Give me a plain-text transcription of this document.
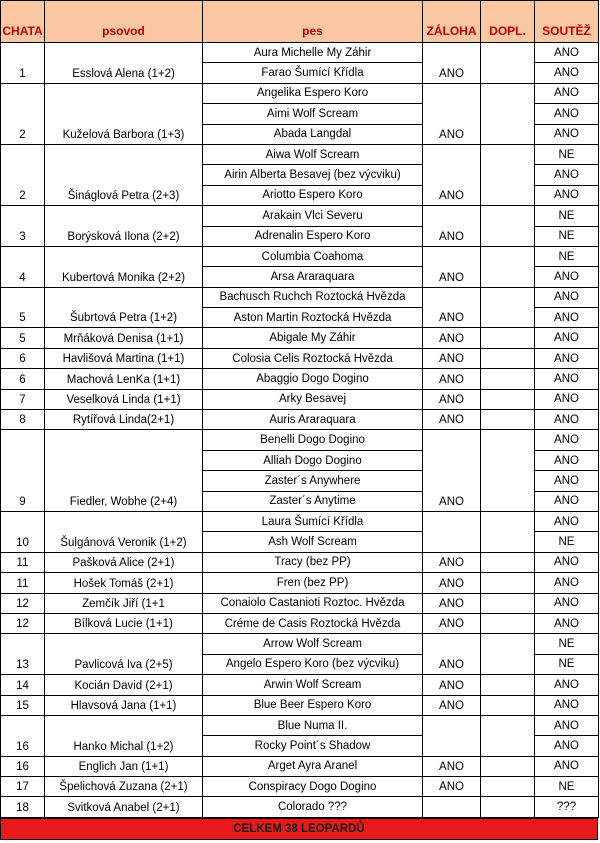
CHATA	psovod	pes	ZÁLOHA	DOPL.	SOUTĚŽ
1	Esslová Alena (1+2)	Aura Michelle My Záhir	ANO		ANO
		Farao Šumící Křídla			ANO
2	Kuželová Barbora (1+3)	Angelika Espero Koro	ANO		ANO
		Aimi Wolf Scream			ANO
		Abada Langdal			ANO
2	Šináglová Petra (2+3)	Aiwa Wolf Scream	ANO		NE
		Airin Alberta Besavej (bez výcviku)			ANO
		Ariotto Espero Koro			ANO
3	Borýsková Ilona (2+2)	Arakain Vlci Severu	ANO		NE
		Adrenalin Espero Koro			NE
4	Kubertová Monika (2+2)	Columbia Coahoma	ANO		NE
		Arsa Araraquara			ANO
5	Šubrtová Petra (1+2)	Bachusch Ruchch Roztocká Hvězda	ANO		ANO
		Aston Martin Roztocká Hvězda			ANO
5	Mrňáková Denisa (1+1)	Abigale My Záhir	ANO		ANO
6	Havlišová Martina (1+1)	Colosia Celis Roztocká Hvězda	ANO		ANO
6	Machová LenKa (1+1)	Abaggio Dogo Dogino	ANO		ANO
7	Veselková Linda (1+1)	Arky Besavej	ANO		ANO
8	Rytířová Linda(2+1)	Auris Araraquara	ANO		ANO
9	Fiedler, Wobhe (2+4)	Benelli Dogo Dogino	ANO		ANO
		Alliah Dogo Dogino			ANO
		Zaster´s Anywhere			ANO
		Zaster´s Anytime			ANO
10	Šulgánová Veronik (1+2)	Laura Šumící Křídla			ANO
		Ash Wolf Scream			NE
11	Pašková Alice (2+1)	Tracy (bez PP)	ANO		ANO
11	Hošek Tomáš (2+1)	Fren (bez PP)	ANO		ANO
12	Zemčík Jiří (1+1	Conaiolo Castanioti Roztoc. Hvězda	ANO		ANO
12	Bílková Lucie (1+1)	Créme de Casis Roztocká Hvězda	ANO		ANO
13	Pavlicová Iva (2+5)	Arrow Wolf Scream	ANO		NE
		Angelo Espero Koro (bez výcviku)			NE
14	Kocián David (2+1)	Arwin Wolf Scream	ANO		ANO
15	Hlavsová Jana (1+1)	Blue Beer Espero Koro	ANO		ANO
16	Hanko Michal (1+2)	Blue Numa II.			ANO
		Rocky Point´s Shadow			ANO
16	Englich Jan (1+1)	Arget Ayra Aranel	ANO		ANO
17	Špelichová Zuzana (2+1)	Conspiracy Dogo Dogino	ANO		NE
18	Svitková Anabel (2+1)	Colorado ???			???
CELKEM 38 LEOPARDŮ
